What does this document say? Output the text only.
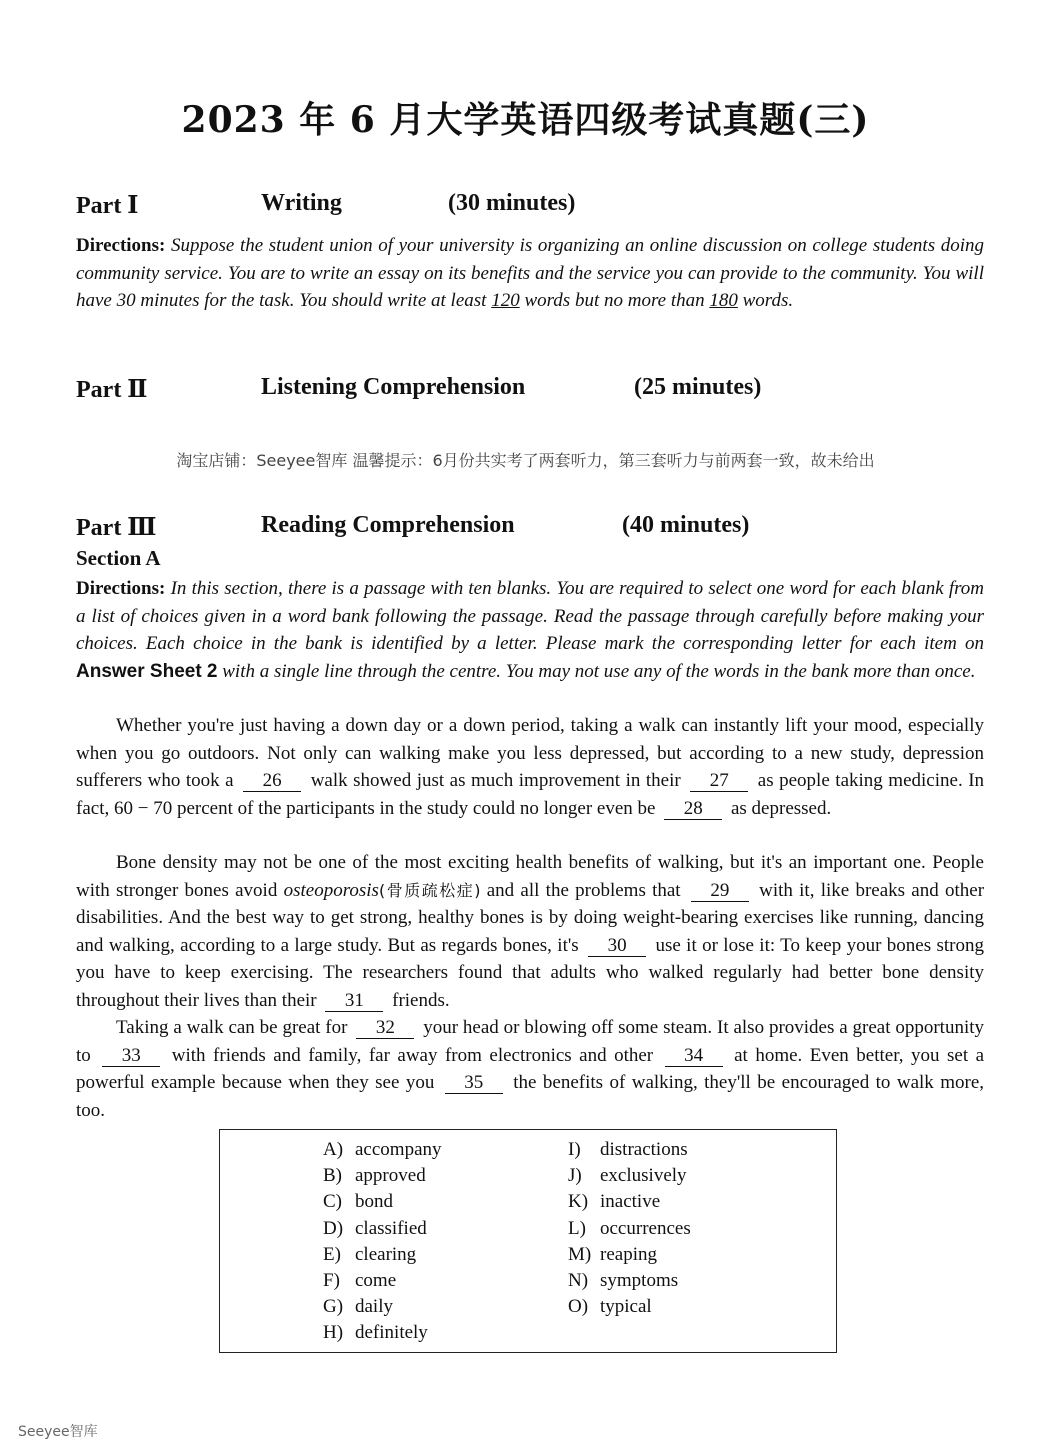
2023 年 6 月大学英语四级考试真题(三)
Part Ⅰ	Writing	(30 minutes)
Directions: Suppose the student union of your university is organizing an online discussion on college students doing community service. You are to write an essay on its benefits and the service you can provide to the community. You will have 30 minutes for the task. You should write at least 120 words but no more than 180 words.
Part Ⅱ	Listening Comprehension	(25 minutes)
淘宝店铺：Seeyee智库 温馨提示：6月份共实考了两套听力，第三套听力与前两套一致，故未给出
Part Ⅲ	Reading Comprehension	(40 minutes)
Section A
Directions: In this section, there is a passage with ten blanks. You are required to select one word for each blank from a list of choices given in a word bank following the passage. Read the passage through carefully before making your choices. Each choice in the bank is identified by a letter. Please mark the corresponding letter for each item on Answer Sheet 2 with a single line through the centre. You may not use any of the words in the bank more than once.
Whether you're just having a down day or a down period, taking a walk can instantly lift your mood, especially when you go outdoors. Not only can walking make you less depressed, but according to a new study, depression sufferers who took a 26 walk showed just as much improvement in their 27 as people taking medicine. In fact, 60 − 70 percent of the participants in the study could no longer even be 28 as depressed.
Bone density may not be one of the most exciting health benefits of walking, but it's an important one. People with stronger bones avoid osteoporosis(骨质疏松症) and all the problems that 29 with it, like breaks and other disabilities. And the best way to get strong, healthy bones is by doing weight-bearing exercises like running, dancing and walking, according to a large study. But as regards bones, it's 30 use it or lose it: To keep your bones strong you have to keep exercising. The researchers found that adults who walked regularly had better bone density throughout their lives than their 31 friends.
Taking a walk can be great for 32 your head or blowing off some steam. It also provides a great opportunity to 33 with friends and family, far away from electronics and other 34 at home. Even better, you set a powerful example because when they see you 35 the benefits of walking, they'll be encouraged to walk more, too.
A) accompany
B) approved
C) bond
D) classified
E) clearing
F) come
G) daily
H) definitely
I) distractions
J) exclusively
K) inactive
L) occurrences
M) reaping
N) symptoms
O) typical
Seeyee智库
